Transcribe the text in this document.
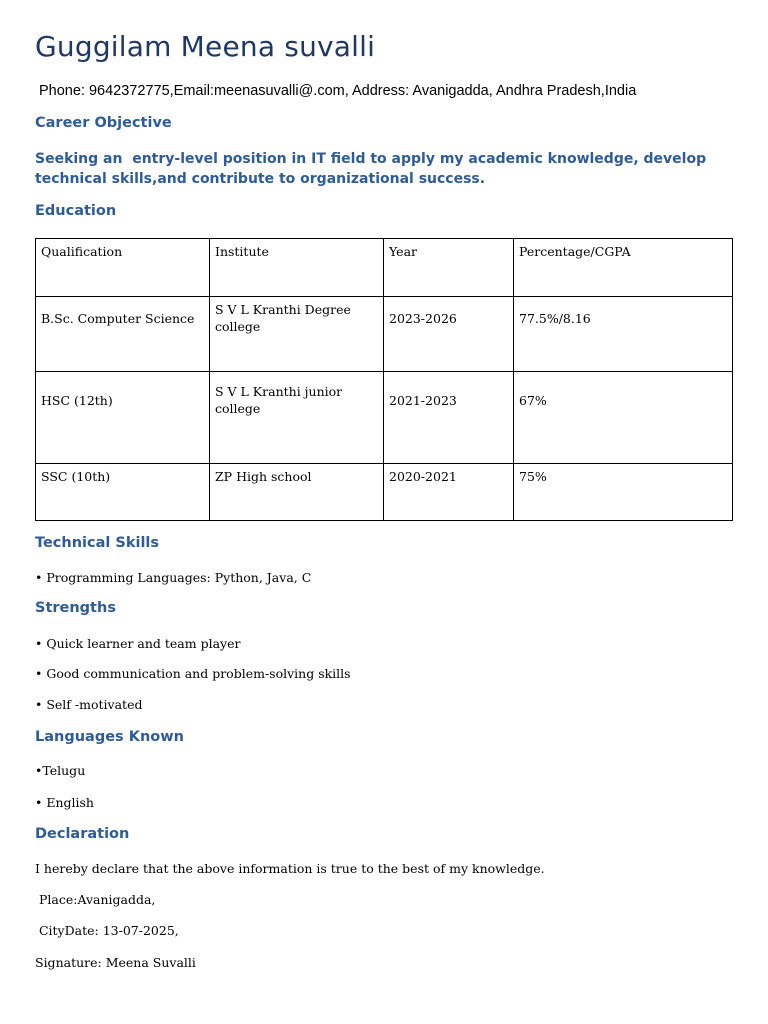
Guggilam Meena suvalli
Phone: 9642372775,Email:meenasuvalli@.com, Address: Avanigadda, Andhra Pradesh,India
Career Objective
Seeking an  entry-level position in IT field to apply my academic knowledge, develop
technical skills,and contribute to organizational success.
Education
Qualification	Institute	Year	Percentage/CGPA
B.Sc. Computer Science	S V L Kranthi Degree college	2023-2026	77.5%/8.16
HSC (12th)	S V L Kranthi junior college	2021-2023	67%
SSC (10th)	ZP High school	2020-2021	75%
Technical Skills
• Programming Languages: Python, Java, C
Strengths
• Quick learner and team player
• Good communication and problem-solving skills
• Self -motivated
Languages Known
•Telugu
• English
Declaration
I hereby declare that the above information is true to the best of my knowledge.
Place:Avanigadda,
CityDate: 13-07-2025,
Signature: Meena Suvalli
